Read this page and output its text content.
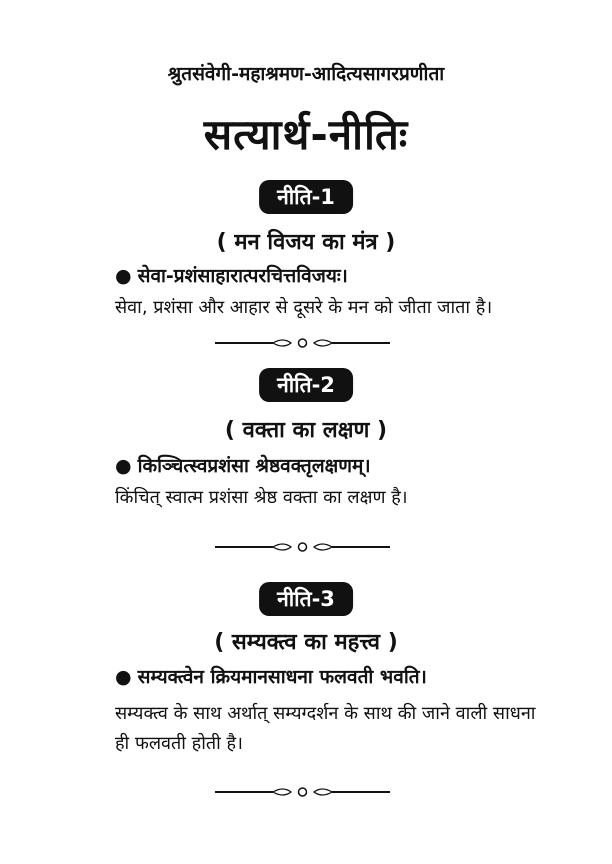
श्रुतसंवेगी-महाश्रमण-आदित्यसागरप्रणीता
सत्यार्थ-नीतिः
नीति-1
( मन विजय का मंत्र )
● सेवा-प्रशंसाहारात्परचित्तविजयः।
सेवा, प्रशंसा और आहार से दूसरे के मन को जीता जाता है।
नीति-2
( वक्ता का लक्षण )
● किञ्चित्स्वप्रशंसा श्रेष्ठवक्तृलक्षणम्।
किंचित् स्वात्म प्रशंसा श्रेष्ठ वक्ता का लक्षण है।
नीति-3
( सम्यक्त्व का महत्त्व )
● सम्यक्त्वेन क्रियमानसाधना फलवती भवति।
सम्यक्त्व के साथ अर्थात् सम्यग्दर्शन के साथ की जाने वाली साधना ही फलवती होती है।
